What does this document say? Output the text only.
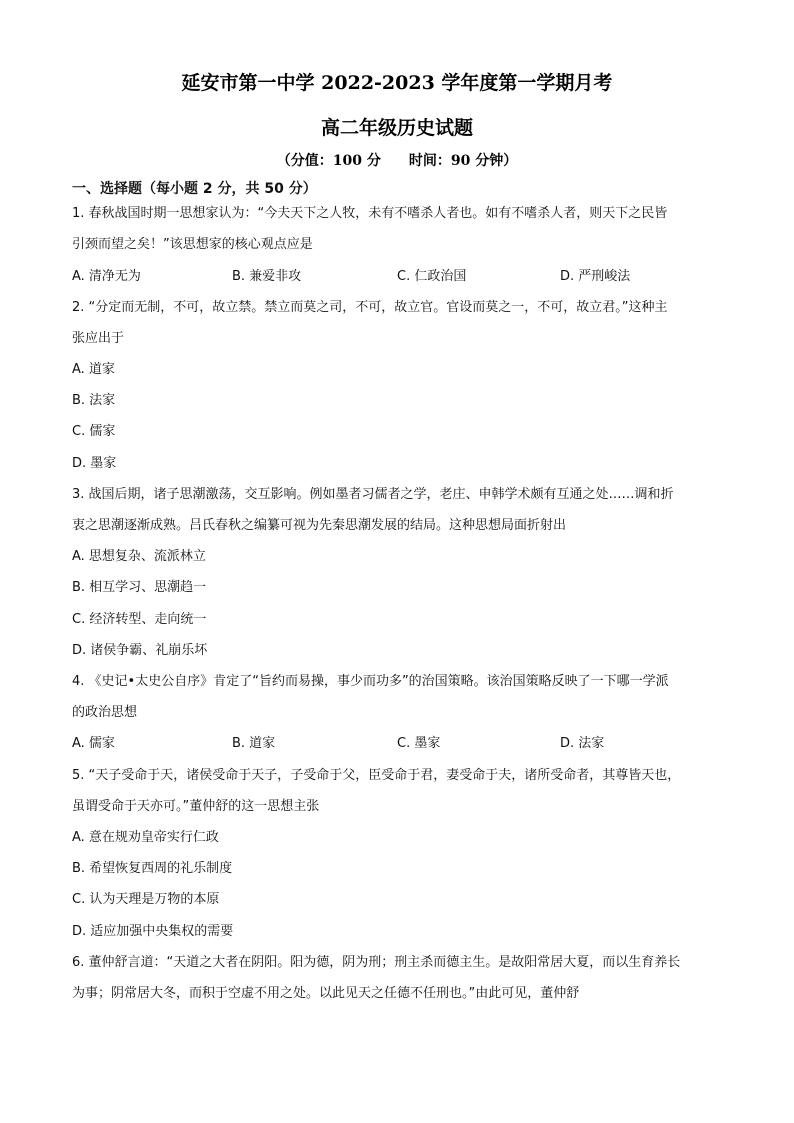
延安市第一中学 2022-2023 学年度第一学期月考
高二年级历史试题
（分值：100 分 时间：90 分钟）
一、选择题（每小题 2 分，共 50 分）
1. 春秋战国时期一思想家认为：“今夫天下之人牧，未有不嗜杀人者也。如有不嗜杀人者，则天下之民皆
引颈而望之矣！”该思想家的核心观点应是
A. 清净无为	B. 兼爱非攻	C. 仁政治国	D. 严刑峻法
2. “分定而无制，不可，故立禁。禁立而莫之司，不可，故立官。官设而莫之一，不可，故立君。”这种主
张应出于
A. 道家
B. 法家
C. 儒家
D. 墨家
3. 战国后期，诸子思潮激荡，交互影响。例如墨者习儒者之学，老庄、申韩学术颇有互通之处……调和折
衷之思潮逐渐成熟。吕氏春秋之编纂可视为先秦思潮发展的结局。这种思想局面折射出
A. 思想复杂、流派林立
B. 相互学习、思潮趋一
C. 经济转型、走向统一
D. 诸侯争霸、礼崩乐坏
4. 《史记•太史公自序》肯定了“旨约而易操，事少而功多”的治国策略。该治国策略反映了一下哪一学派
的政治思想
A. 儒家	B. 道家	C. 墨家	D. 法家
5. “天子受命于天，诸侯受命于天子，子受命于父，臣受命于君，妻受命于夫，诸所受命者，其尊皆天也，
虽谓受命于天亦可。”董仲舒的这一思想主张
A. 意在规劝皇帝实行仁政
B. 希望恢复西周的礼乐制度
C. 认为天理是万物的本原
D. 适应加强中央集权的需要
6. 董仲舒言道：“天道之大者在阴阳。阳为德，阴为刑；刑主杀而德主生。是故阳常居大夏，而以生育养长
为事；阴常居大冬，而积于空虚不用之处。以此见天之任德不任刑也。”由此可见，董仲舒
